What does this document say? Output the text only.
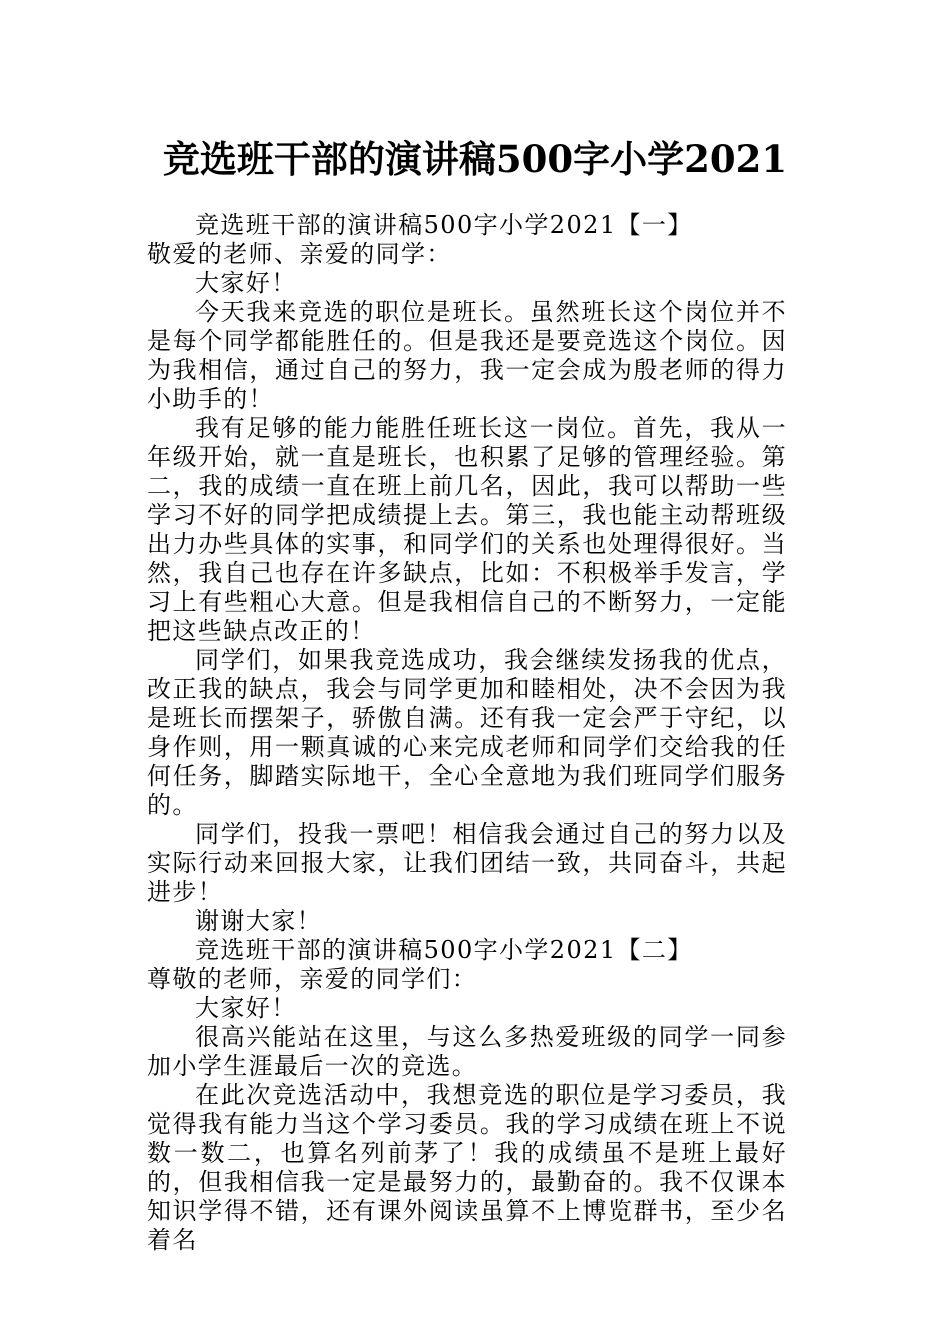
竞选班干部的演讲稿500字小学2021

竞选班干部的演讲稿500字小学2021【一】

敬爱的老师、亲爱的同学：

大家好！

今天我来竞选的职位是班长。虽然班长这个岗位并不是每个同学都能胜任的。但是我还是要竞选这个岗位。因为我相信，通过自己的努力，我一定会成为殷老师的得力小助手的！

我有足够的能力能胜任班长这一岗位。首先，我从一年级开始，就一直是班长，也积累了足够的管理经验。第二，我的成绩一直在班上前几名，因此，我可以帮助一些学习不好的同学把成绩提上去。第三，我也能主动帮班级出力办些具体的实事，和同学们的关系也处理得很好。当然，我自己也存在许多缺点，比如：不积极举手发言，学习上有些粗心大意。但是我相信自己的不断努力，一定能把这些缺点改正的！

同学们，如果我竞选成功，我会继续发扬我的优点，改正我的缺点，我会与同学更加和睦相处，决不会因为我是班长而摆架子，骄傲自满。还有我一定会严于守纪，以身作则，用一颗真诚的心来完成老师和同学们交给我的任何任务，脚踏实际地干，全心全意地为我们班同学们服务的。

同学们，投我一票吧！相信我会通过自己的努力以及实际行动来回报大家，让我们团结一致，共同奋斗，共起进步！

谢谢大家！

竞选班干部的演讲稿500字小学2021【二】

尊敬的老师，亲爱的同学们：

大家好！

很高兴能站在这里，与这么多热爱班级的同学一同参加小学生涯最后一次的竞选。

在此次竞选活动中，我想竞选的职位是学习委员，我觉得我有能力当这个学习委员。我的学习成绩在班上不说数一数二，也算名列前茅了！我的成绩虽不是班上最好的，但我相信我一定是最努力的，最勤奋的。我不仅课本知识学得不错，还有课外阅读虽算不上博览群书，至少名着名
